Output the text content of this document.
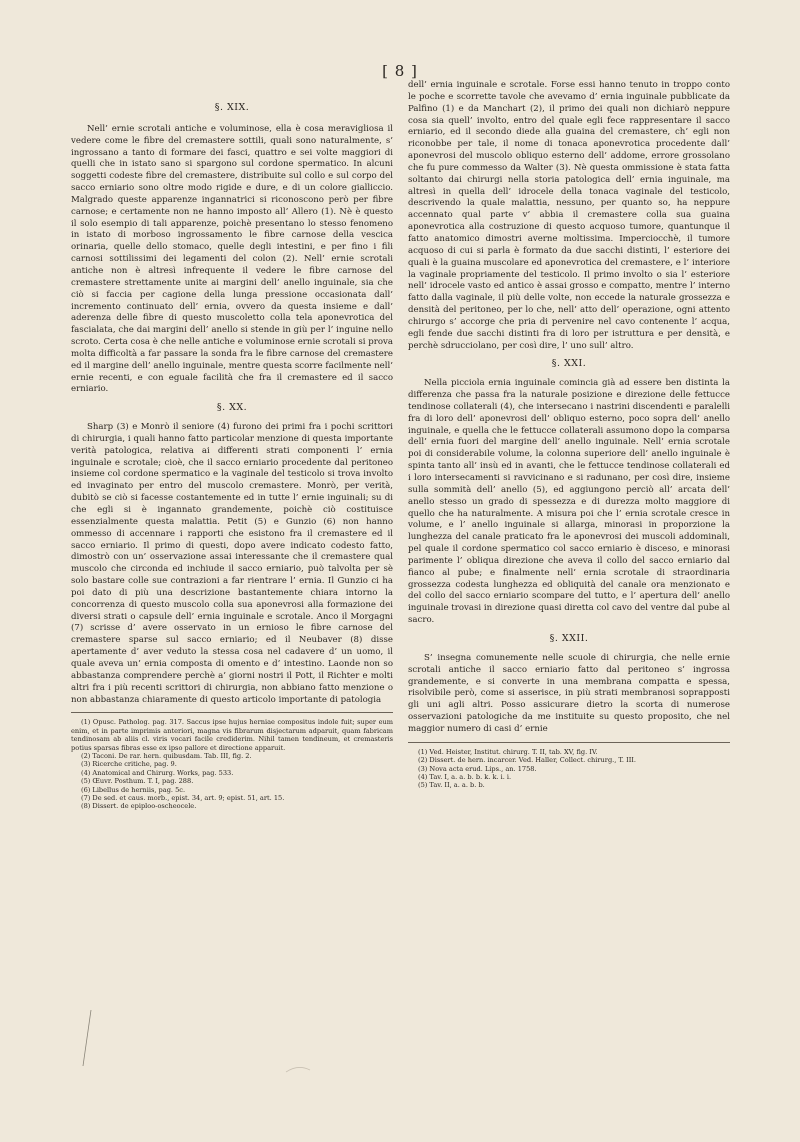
[ 8 ]
§. XIX.

Nell’ ernie scrotali antiche e voluminose, ella è cosa meravigliosa il vedere come le fibre del cremastere sottili, quali sono naturalmente, s’ ingrossano a tanto di formare dei fasci, quattro e sei volte maggiori di quelli che in istato sano si spargono sul cordone spermatico. In alcuni soggetti codeste fibre del cremastere, distribuite sul collo e sul corpo del sacco erniario sono oltre modo rigide e dure, e di un colore gialliccio. Malgrado queste apparenze ingannatrici si riconoscono però per fibre carnose; e certamente non ne hanno imposto all’ Allero (1). Nè è questo il solo esempio di tali apparenze, poichè presentano lo stesso fenomeno in istato di morboso ingrossamento le fibre carnose della vescica orinaria, quelle dello stomaco, quelle degli intestini, e per fino i fili carnosi sottilissimi dei legamenti del colon (2). Nell’ ernie scrotali antiche non è altresì infrequente il vedere le fibre carnose del cremastere strettamente unite ai margini dell’ anello inguinale, sia che ciò si faccia per cagione della lunga pressione occasionata dall’ incremento continuato dell’ ernia, ovvero da questa insieme e dall’ aderenza delle fibre di questo muscoletto colla tela aponevrotica del fascialata, che dai margini dell’ anello si stende in giù per l’ inguine nello scroto. Certa cosa è che nelle antiche e voluminose ernie scrotali si prova molta difficoltà a far passare la sonda fra le fibre carnose del cremastere ed il margine dell’ anello inguinale, mentre questa scorre facilmente nell’ ernie recenti, e con eguale facilità che fra il cremastere ed il sacco erniario.

§. XX.

Sharp (3) e Monrò il seniore (4) furono dei primi fra i pochi scrittori di chirurgia, i quali hanno fatto particolar menzione di questa importante verità patologica, relativa ai differenti strati componenti l’ ernia inguinale e scrotale; cioè, che il sacco erniario procedente dal peritoneo insieme col cordone spermatico e la vaginale del testicolo si trova involto ed invaginato per entro del muscolo cremastere. Monrò, per verità, dubitò se ciò si facesse costantemente ed in tutte l’ ernie inguinali; su di che egli si è ingannato grandemente, poichè ciò costituisce essenzialmente questa malattia. Petit (5) e Gunzio (6) non hanno ommesso di accennare i rapporti che esistono fra il cremastere ed il sacco erniario. Il primo di questi, dopo avere indicato codesto fatto, dimostrò con un’ osservazione assai interessante che il cremastere qual muscolo che circonda ed inchiude il sacco erniario, può talvolta per sè solo bastare colle sue contrazioni a far rientrare l’ ernia. Il Gunzio ci ha poi dato di più una descrizione bastantemente chiara intorno la concorrenza di questo muscolo colla sua aponevrosi alla formazione dei diversi strati o capsule dell’ ernia inguinale e scrotale. Anco il Morgagni (7) scrisse d’ avere osservato in un ernioso le fibre carnose del cremastere sparse sul sacco erniario; ed il Neubaver (8) disse apertamente d’ aver veduto la stessa cosa nel cadavere d’ un uomo, il quale aveva un’ ernia composta di omento e d’ intestino. Laonde non so abbastanza comprendere perchè a’ giorni nostri il Pott, il Richter e molti altri fra i più recenti scrittori di chirurgia, non abbiano fatto menzione o non abbastanza chiaramente di questo articolo importante di patologia

(1) Opusc. Patholog. pag. 317. Saccus ipse hujus herniae compositus indole fuit; super eum enim, et in parte imprimis anteriori, magna vis fibrarum disjectarum adparuit, quam fabricam tendinosam ab aliis cl. viris vocari facile crediderim. Nihil tamen tendineum, et cremasteris potius sparsas fibras esse ex ipso pallore et directione apparuit.
(2) Taconi. De rar. hern. quibusdam. Tab. III, fig. 2.
(3) Ricerche critiche, pag. 9.
(4) Anatomical and Chirurg. Works, pag. 533.
(5) Œuvr. Posthum. T. I, pag. 288.
(6) Libellus de herniis, pag. 5c.
(7) De sed. et caus. morb., epist. 34, art. 9; epist. 51, art. 15.
(8) Dissert. de epiploo-oscheocele.

dell’ ernia inguinale e scrotale. Forse essi hanno tenuto in troppo conto le poche e scorrette tavole che avevamo d’ ernia inguinale pubblicate da Palfino (1) e da Manchart (2), il primo dei quali non dichiarò neppure cosa sia quell’ involto, entro del quale egli fece rappresentare il sacco erniario, ed il secondo diede alla guaina del cremastere, ch’ egli non riconobbe per tale, il nome di tonaca aponevrotica procedente dall’ aponevrosi del muscolo obliquo esterno dell’ addome, errore grossolano che fu pure commesso da Walter (3). Nè questa ommissione è stata fatta soltanto dai chirurgi nella storia patologica dell’ ernia inguinale, ma altresì in quella dell’ idrocele della tonaca vaginale del testicolo, descrivendo la quale malattia, nessuno, per quanto so, ha neppure accennato qual parte v’ abbia il cremastere colla sua guaina aponevrotica alla costruzione di questo acquoso tumore, quantunque il fatto anatomico dimostri averne moltissima. Imperciocchè, il tumore acquoso di cui si parla è formato da due sacchi distinti, l’ esteriore dei quali è la guaina muscolare ed aponevrotica del cremastere, e l’ interiore la vaginale propriamente del testicolo. Il primo involto o sia l’ esteriore nell’ idrocele vasto ed antico è assai grosso e compatto, mentre l’ interno fatto dalla vaginale, il più delle volte, non eccede la naturale grossezza e densità del peritoneo, per lo che, nell’ atto dell’ operazione, ogni attento chirurgo s’ accorge che pria di pervenire nel cavo contenente l’ acqua, egli fende due sacchi distinti fra di loro per istruttura e per densità, e perchè sdrucciolano, per così dire, l’ uno sull’ altro.

§. XXI.

Nella picciola ernia inguinale comincia già ad essere ben distinta la differenza che passa fra la naturale posizione e direzione delle fettucce tendinose collaterali (4), che intersecano i nastrini discendenti e paralelli fra di loro dell’ aponevrosi dell’ obliquo esterno, poco sopra dell’ anello inguinale, e quella che le fettucce collaterali assumono dopo la comparsa dell’ ernia fuori del margine dell’ anello inguinale. Nell’ ernia scrotale poi di considerabile volume, la colonna superiore dell’ anello inguinale è spinta tanto all’ insù ed in avanti, che le fettucce tendinose collaterali ed i loro intersecamenti si ravvicinano e si radunano, per così dire, insieme sulla sommità dell’ anello (5), ed aggiungono perciò all’ arcata dell’ anello stesso un grado di spessezza e di durezza molto maggiore di quello che ha naturalmente. A misura poi che l’ ernia scrotale cresce in volume, e l’ anello inguinale si allarga, minorasi in proporzione la lunghezza del canale praticato fra le aponevrosi dei muscoli addominali, pel quale il cordone spermatico col sacco erniario è disceso, e minorasi parimente l’ obliqua direzione che aveva il collo del sacco erniario dal fianco al pube; e finalmente nell’ ernia scrotale di straordinaria grossezza codesta lunghezza ed obliquità del canale ora menzionato e del collo del sacco erniario scompare del tutto, e l’ apertura dell’ anello inguinale trovasi in direzione quasi diretta col cavo del ventre dal pube al sacro.

§. XXII.

S’ insegna comunemente nelle scuole di chirurgia, che nelle ernie scrotali antiche il sacco erniario fatto dal peritoneo s’ ingrossa grandemente, e si converte in una membrana compatta e spessa, risolvibile però, come si asserisce, in più strati membranosi soprapposti gli uni agli altri. Posso assicurare dietro la scorta di numerose osservazioni patologiche da me instituite su questo proposito, che nel maggior numero di casi d’ ernie

(1) Ved. Heister, Institut. chirurg. T. II, tab. XV, fig. IV.
(2) Dissert. de hern. incarcer. Ved. Haller, Collect. chirurg., T. III.
(3) Nova acta erud. Lips., an. 1758.
(4) Tav. I, a. a. b. b. k. k. i. i.
(5) Tav. II, a. a. b. b.
